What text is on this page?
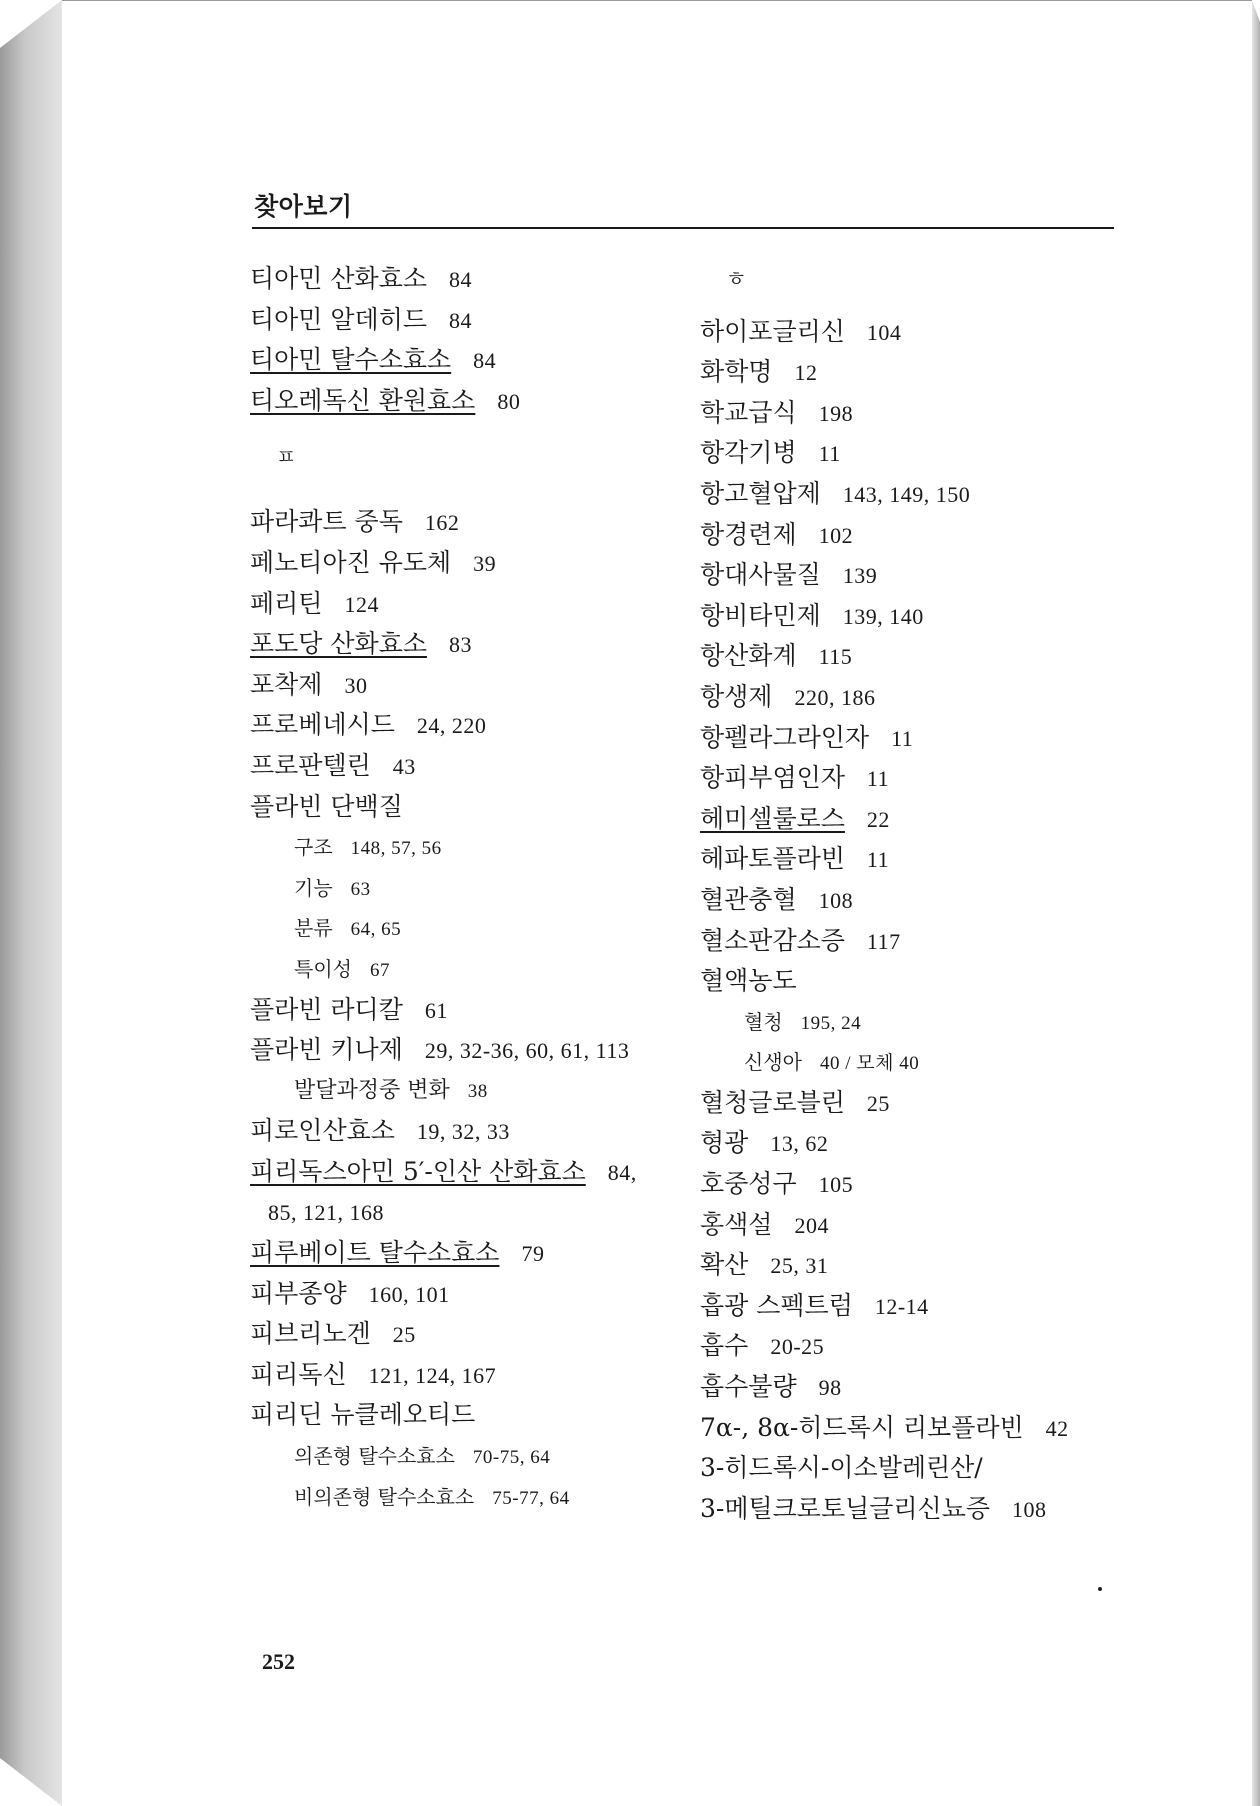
찾아보기
티아민 산화효소 84
티아민 알데히드 84
티아민 탈수소효소 84
티오레독신 환원효소 80
ㅍ
파라콰트 중독 162
페노티아진 유도체 39
페리틴 124
포도당 산화효소 83
포착제 30
프로베네시드 24, 220
프로판텔린 43
플라빈 단백질
구조 148, 57, 56
기능 63
분류 64, 65
특이성 67
플라빈 라디칼 61
플라빈 키나제 29, 32-36, 60, 61, 113
발달과정중 변화 38
피로인산효소 19, 32, 33
피리독스아민 5′-인산 산화효소 84,
85, 121, 168
피루베이트 탈수소효소 79
피부종양 160, 101
피브리노겐 25
피리독신 121, 124, 167
피리딘 뉴클레오티드
의존형 탈수소효소 70-75, 64
비의존형 탈수소효소 75-77, 64
ㅎ
하이포글리신 104
화학명 12
학교급식 198
항각기병 11
항고혈압제 143, 149, 150
항경련제 102
항대사물질 139
항비타민제 139, 140
항산화계 115
항생제 220, 186
항펠라그라인자 11
항피부염인자 11
헤미셀룰로스 22
헤파토플라빈 11
혈관충혈 108
혈소판감소증 117
혈액농도
혈청 195, 24
신생아 40 / 모체 40
혈청글로블린 25
형광 13, 62
호중성구 105
홍색설 204
확산 25, 31
흡광 스펙트럼 12-14
흡수 20-25
흡수불량 98
7α-, 8α-히드록시 리보플라빈 42
3-히드록시-이소발레린산/
3-메틸크로토닐글리신뇨증 108
252
